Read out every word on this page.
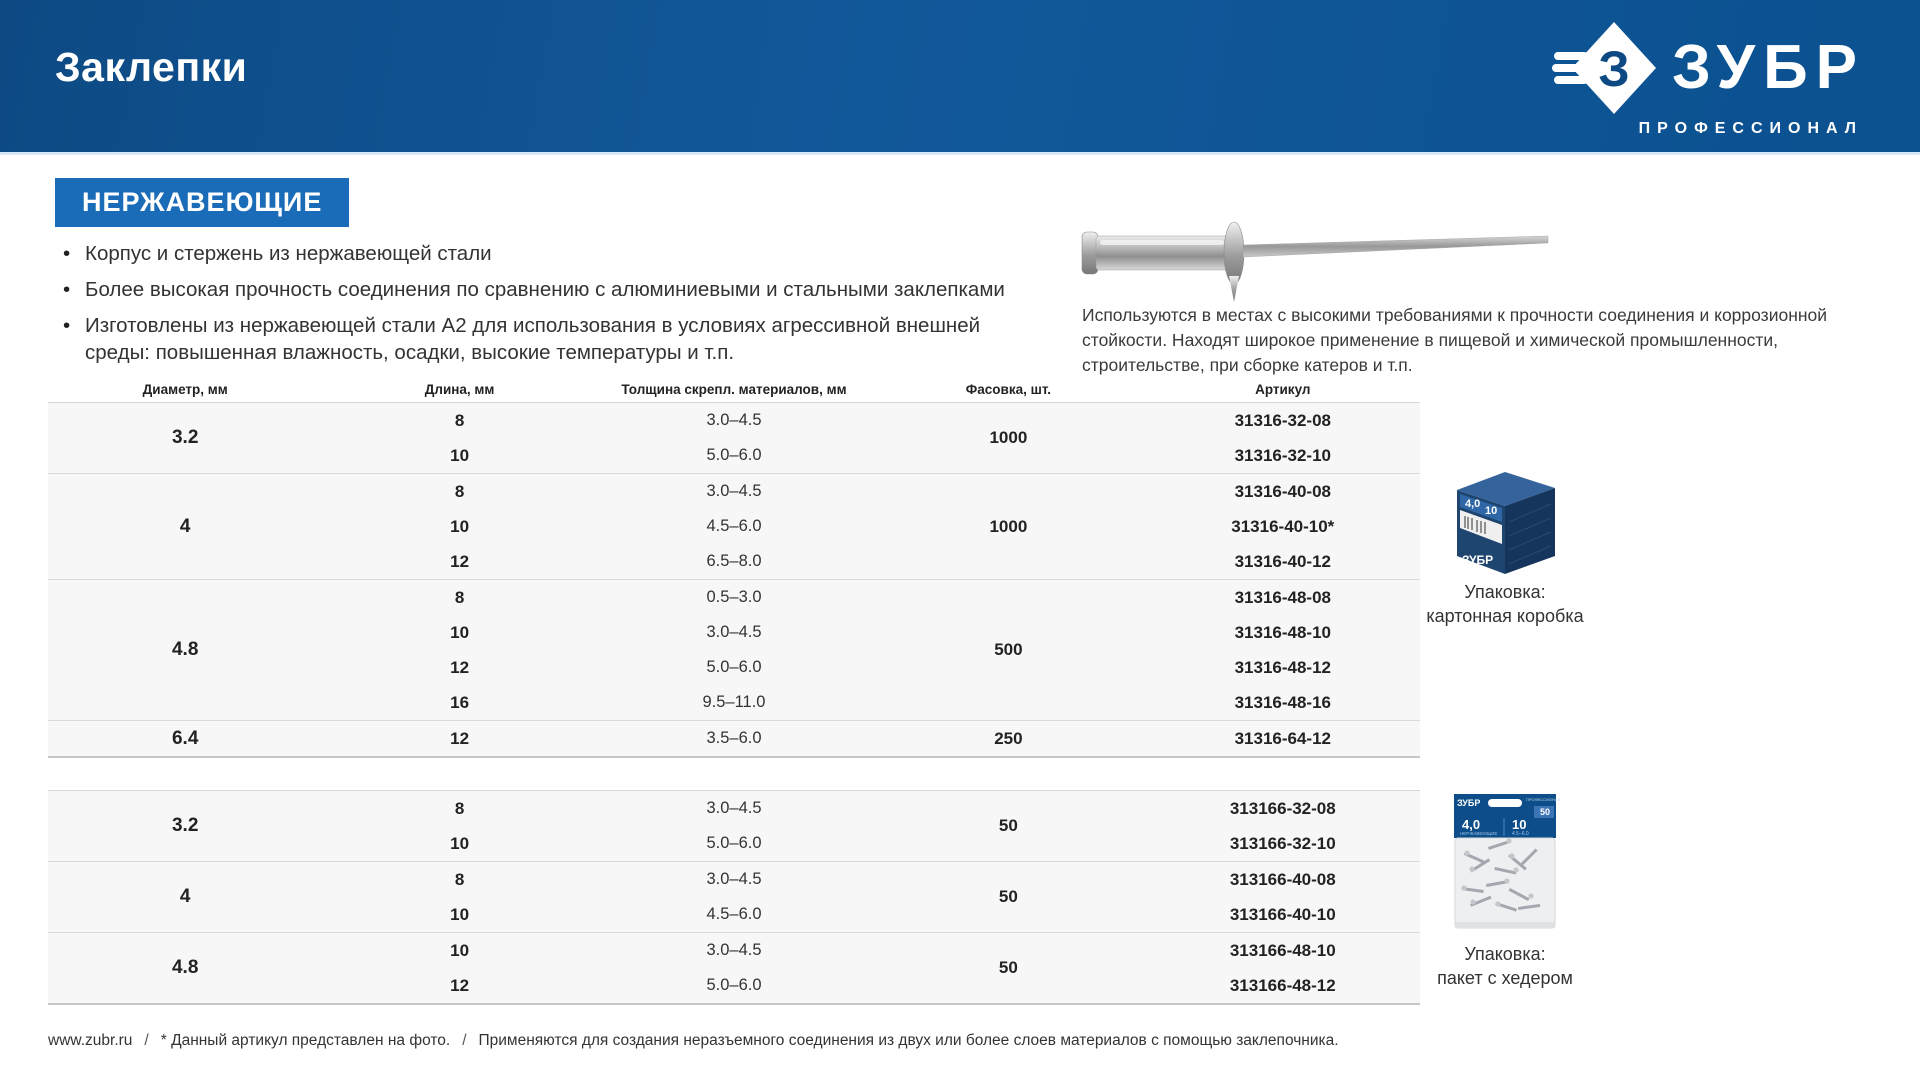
Заклепки	З ЗУБР
ПРОФЕССИОНАЛ
НЕРЖАВЕЮЩИЕ
• Корпус и стержень из нержавеющей стали
• Более высокая прочность соединения по сравнению с алюминиевыми и стальными заклепками
• Изготовлены из нержавеющей стали А2 для использования в условиях агрессивной внешней среды: повышенная влажность, осадки, высокие температуры и т.п.
Используются в местах с высокими требованиями к прочности соединения и коррозионной стойкости. Находят широкое применение в пищевой и химической промышленности, строительстве, при сборке катеров и т.п.
Диаметр, мм	Длина, мм	Толщина скрепл. материалов, мм	Фасовка, шт.	Артикул
3.2	1000
8	3.0–4.5	31316-32-08
10	5.0–6.0	31316-32-10
4	1000
8	3.0–4.5	31316-40-08
10	4.5–6.0	31316-40-10*
12	6.5–8.0	31316-40-12
4.8	500
8	0.5–3.0	31316-48-08
10	3.0–4.5	31316-48-10
12	5.0–6.0	31316-48-12
16	9.5–11.0	31316-48-16
6.4	250
12	3.5–6.0	31316-64-12
3.2	50
8	3.0–4.5	313166-32-08
10	5.0–6.0	313166-32-10
4	50
8	3.0–4.5	313166-40-08
10	4.5–6.0	313166-40-10
4.8	50
10	3.0–4.5	313166-48-10
12	5.0–6.0	313166-48-12
4,0
10
ЗУБР
Упаковка:
картонная коробка
ЗУБР	ПРОФЕССИОНАЛ
50
4,0
НЕРЖАВЕЮЩИЕ
10
4.5–6.0
Упаковка:
пакет с хедером
www.zubr.ru / * Данный артикул представлен на фото. / Применяются для создания неразъемного соединения из двух или более слоев материалов с помощью заклепочника.
